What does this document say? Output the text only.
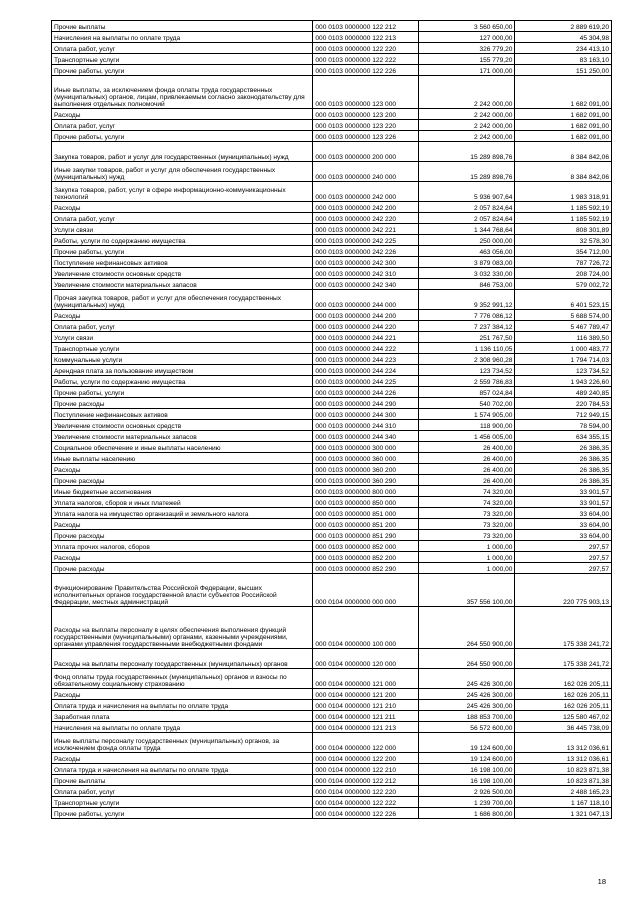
Прочие выплаты	000 0103 0000000 122 212	3 560 650,00	2 889 619,20
Начисления на выплаты по оплате труда	000 0103 0000000 122 213	127 000,00	45 304,98
Оплата работ, услуг	000 0103 0000000 122 220	326 779,20	234 413,10
Транспортные услуги	000 0103 0000000 122 222	155 779,20	83 163,10
Прочие работы, услуги	000 0103 0000000 122 226	171 000,00	151 250,00
Иные выплаты, за исключением фонда оплаты труда государственных (муниципальных) органов, лицам, привлекаемым согласно законодательству для выполнения отдельных полномочий	000 0103 0000000 123 000	2 242 000,00	1 682 091,00
Расходы	000 0103 0000000 123 200	2 242 000,00	1 682 091,00
Оплата работ, услуг	000 0103 0000000 123 220	2 242 000,00	1 682 091,00
Прочие работы, услуги	000 0103 0000000 123 226	2 242 000,00	1 682 091,00
Закупка товаров, работ и услуг для государственных (муниципальных) нужд	000 0103 0000000 200 000	15 289 898,76	8 384 842,06
Иные закупки товаров, работ и услуг для обеспечения государственных (муниципальных) нужд	000 0103 0000000 240 000	15 289 898,76	8 384 842,06
Закупка товаров, работ, услуг в сфере информационно-коммуникационных технологий	000 0103 0000000 242 000	5 936 907,64	1 983 318,91
Расходы	000 0103 0000000 242 200	2 057 824,64	1 185 592,19
Оплата работ, услуг	000 0103 0000000 242 220	2 057 824,64	1 185 592,19
Услуги связи	000 0103 0000000 242 221	1 344 768,64	808 301,89
Работы, услуги по содержанию имущества	000 0103 0000000 242 225	250 000,00	32 578,30
Прочие работы, услуги	000 0103 0000000 242 226	463 056,00	354 712,00
Поступление нефинансовых активов	000 0103 0000000 242 300	3 879 083,00	787 726,72
Увеличение стоимости основных средств	000 0103 0000000 242 310	3 032 330,00	208 724,00
Увеличение стоимости материальных запасов	000 0103 0000000 242 340	846 753,00	579 002,72
Прочая закупка товаров, работ и услуг для обеспечения государственных (муниципальных) нужд	000 0103 0000000 244 000	9 352 991,12	6 401 523,15
Расходы	000 0103 0000000 244 200	7 776 086,12	5 688 574,00
Оплата работ, услуг	000 0103 0000000 244 220	7 237 384,12	5 467 789,47
Услуги связи	000 0103 0000000 244 221	251 767,50	116 389,50
Транспортные услуги	000 0103 0000000 244 222	1 136 110,05	1 000 483,77
Коммунальные услуги	000 0103 0000000 244 223	2 308 960,28	1 794 714,03
Арендная плата за пользование имуществом	000 0103 0000000 244 224	123 734,52	123 734,52
Работы, услуги по содержанию имущества	000 0103 0000000 244 225	2 559 786,83	1 943 226,60
Прочие работы, услуги	000 0103 0000000 244 226	857 024,84	489 240,85
Прочие расходы	000 0103 0000000 244 290	540 702,00	220 784,53
Поступление нефинансовых активов	000 0103 0000000 244 300	1 574 905,00	712 949,15
Увеличение стоимости основных средств	000 0103 0000000 244 310	118 900,00	78 594,00
Увеличение стоимости материальных запасов	000 0103 0000000 244 340	1 456 005,00	634 355,15
Социальное обеспечение и иные выплаты населению	000 0103 0000000 300 000	26 400,00	26 386,35
Иные выплаты населению	000 0103 0000000 360 000	26 400,00	26 386,35
Расходы	000 0103 0000000 360 200	26 400,00	26 386,35
Прочие расходы	000 0103 0000000 360 290	26 400,00	26 386,35
Иные бюджетные ассигнования	000 0103 0000000 800 000	74 320,00	33 901,57
Уплата налогов, сборов и иных платежей	000 0103 0000000 850 000	74 320,00	33 901,57
Уплата налога на имущество организаций и земельного налога	000 0103 0000000 851 000	73 320,00	33 604,00
Расходы	000 0103 0000000 851 200	73 320,00	33 604,00
Прочие расходы	000 0103 0000000 851 290	73 320,00	33 604,00
Уплата прочих налогов, сборов	000 0103 0000000 852 000	1 000,00	297,57
Расходы	000 0103 0000000 852 200	1 000,00	297,57
Прочие расходы	000 0103 0000000 852 290	1 000,00	297,57
Функционирование Правительства Российской Федерации, высших исполнительных органов государственной власти субъектов Российской Федерации, местных администраций	000 0104 0000000 000 000	357 556 100,00	220 775 903,13
Расходы на выплаты персоналу в целях обеспечения выполнения функций государственными (муниципальными) органами, казенными учреждениями, органами управления государственными внебюджетными фондами	000 0104 0000000 100 000	264 550 900,00	175 338 241,72
Расходы на выплаты персоналу государственных (муниципальных) органов	000 0104 0000000 120 000	264 550 900,00	175 338 241,72
Фонд оплаты труда государственных (муниципальных) органов и взносы по обязательному социальному страхованию	000 0104 0000000 121 000	245 426 300,00	162 026 205,11
Расходы	000 0104 0000000 121 200	245 426 300,00	162 026 205,11
Оплата труда и начисления на выплаты по оплате труда	000 0104 0000000 121 210	245 426 300,00	162 026 205,11
Заработная плата	000 0104 0000000 121 211	188 853 700,00	125 580 467,02
Начисления на выплаты по оплате труда	000 0104 0000000 121 213	56 572 600,00	36 445 738,09
Иные выплаты персоналу государственных (муниципальных) органов, за исключением фонда оплаты труда	000 0104 0000000 122 000	19 124 600,00	13 312 036,61
Расходы	000 0104 0000000 122 200	19 124 600,00	13 312 036,61
Оплата труда и начисления на выплаты по оплате труда	000 0104 0000000 122 210	16 198 100,00	10 823 871,38
Прочие выплаты	000 0104 0000000 122 212	16 198 100,00	10 823 871,38
Оплата работ, услуг	000 0104 0000000 122 220	2 926 500,00	2 488 165,23
Транспортные услуги	000 0104 0000000 122 222	1 239 700,00	1 167 118,10
Прочие работы, услуги	000 0104 0000000 122 226	1 686 800,00	1 321 047,13
18
